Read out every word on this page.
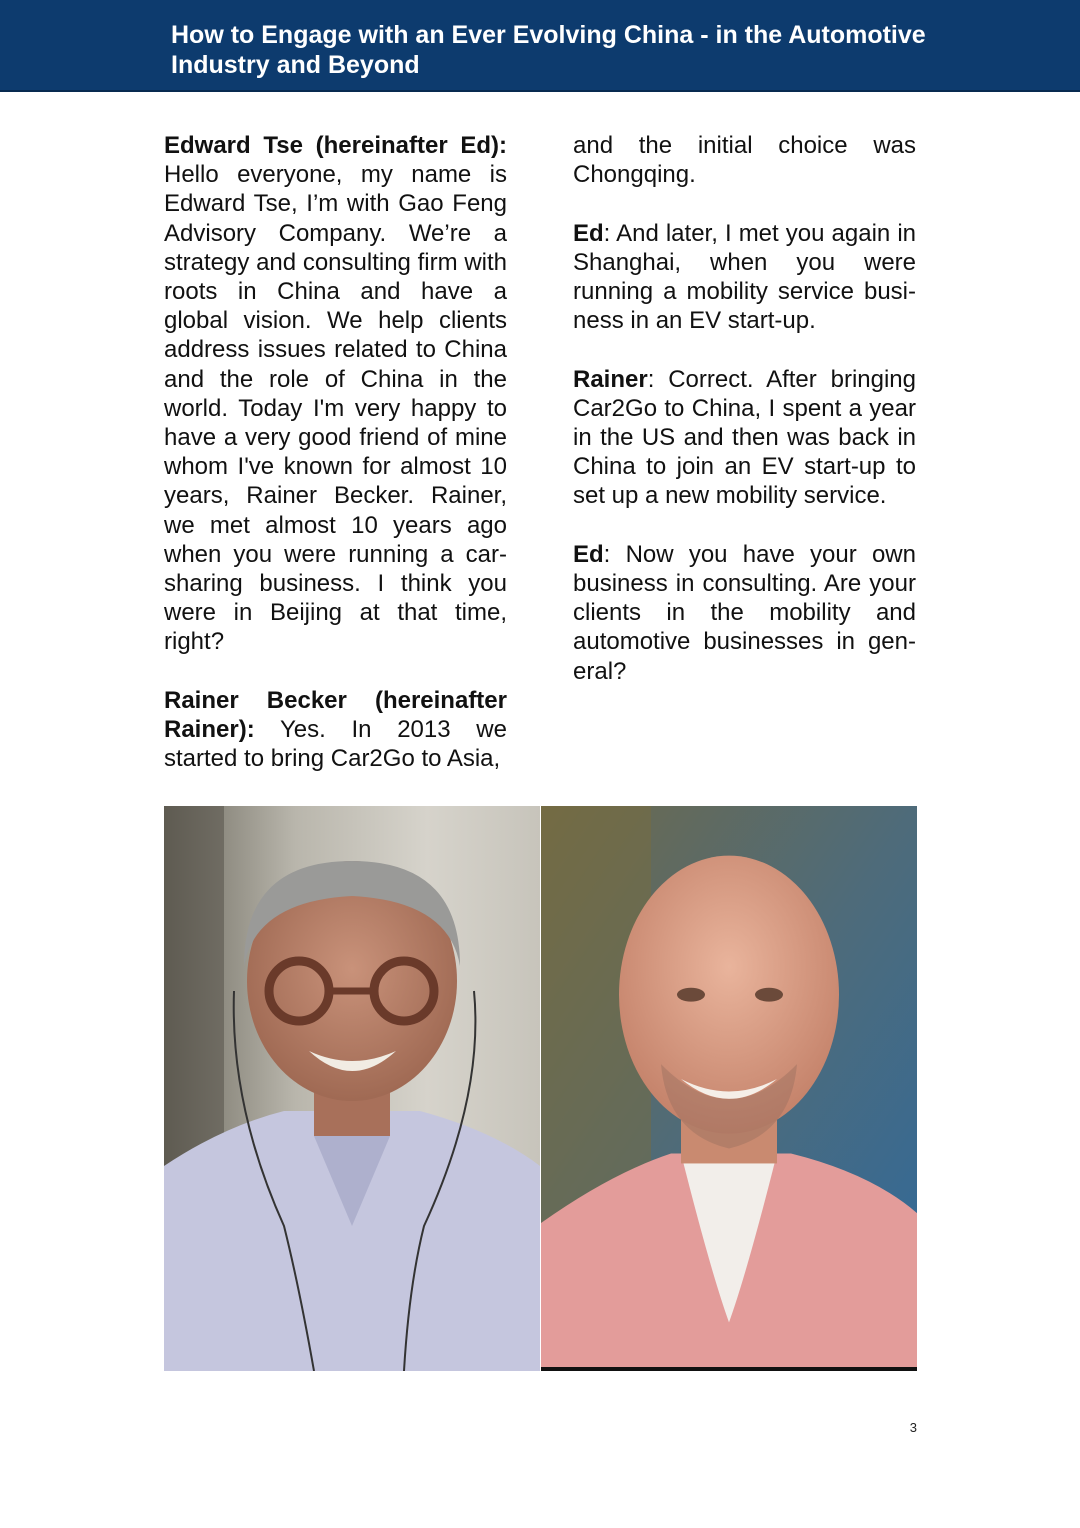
How to Engage with an Ever Evolving China - in the Automotive Industry and Beyond

Edward Tse (hereinafter Ed): Hello everyone, my name is Edward Tse, I’m with Gao Feng Advisory Company. We’re a strategy and consulting firm with roots in China and have a global vision. We help clients address issues related to China and the role of China in the world. Today I'm very happy to have a very good friend of mine whom I've known for almost 10 years, Rainer Becker. Rainer, we met almost 10 years ago when you were running a car-sharing business. I think you were in Beijing at that time, right?

Rainer Becker (hereinafter Rainer): Yes. In 2013 we started to bring Car2Go to Asia,

and the initial choice was Chongqing.

Ed: And later, I met you again in Shanghai, when you were running a mobility service business in an EV start-up.

Rainer: Correct. After bringing Car2Go to China, I spent a year in the US and then was back in China to join an EV start-up to set up a new mobility service.

Ed: Now you have your own business in consulting. Are your clients in the mobility and automotive businesses in general?

3
